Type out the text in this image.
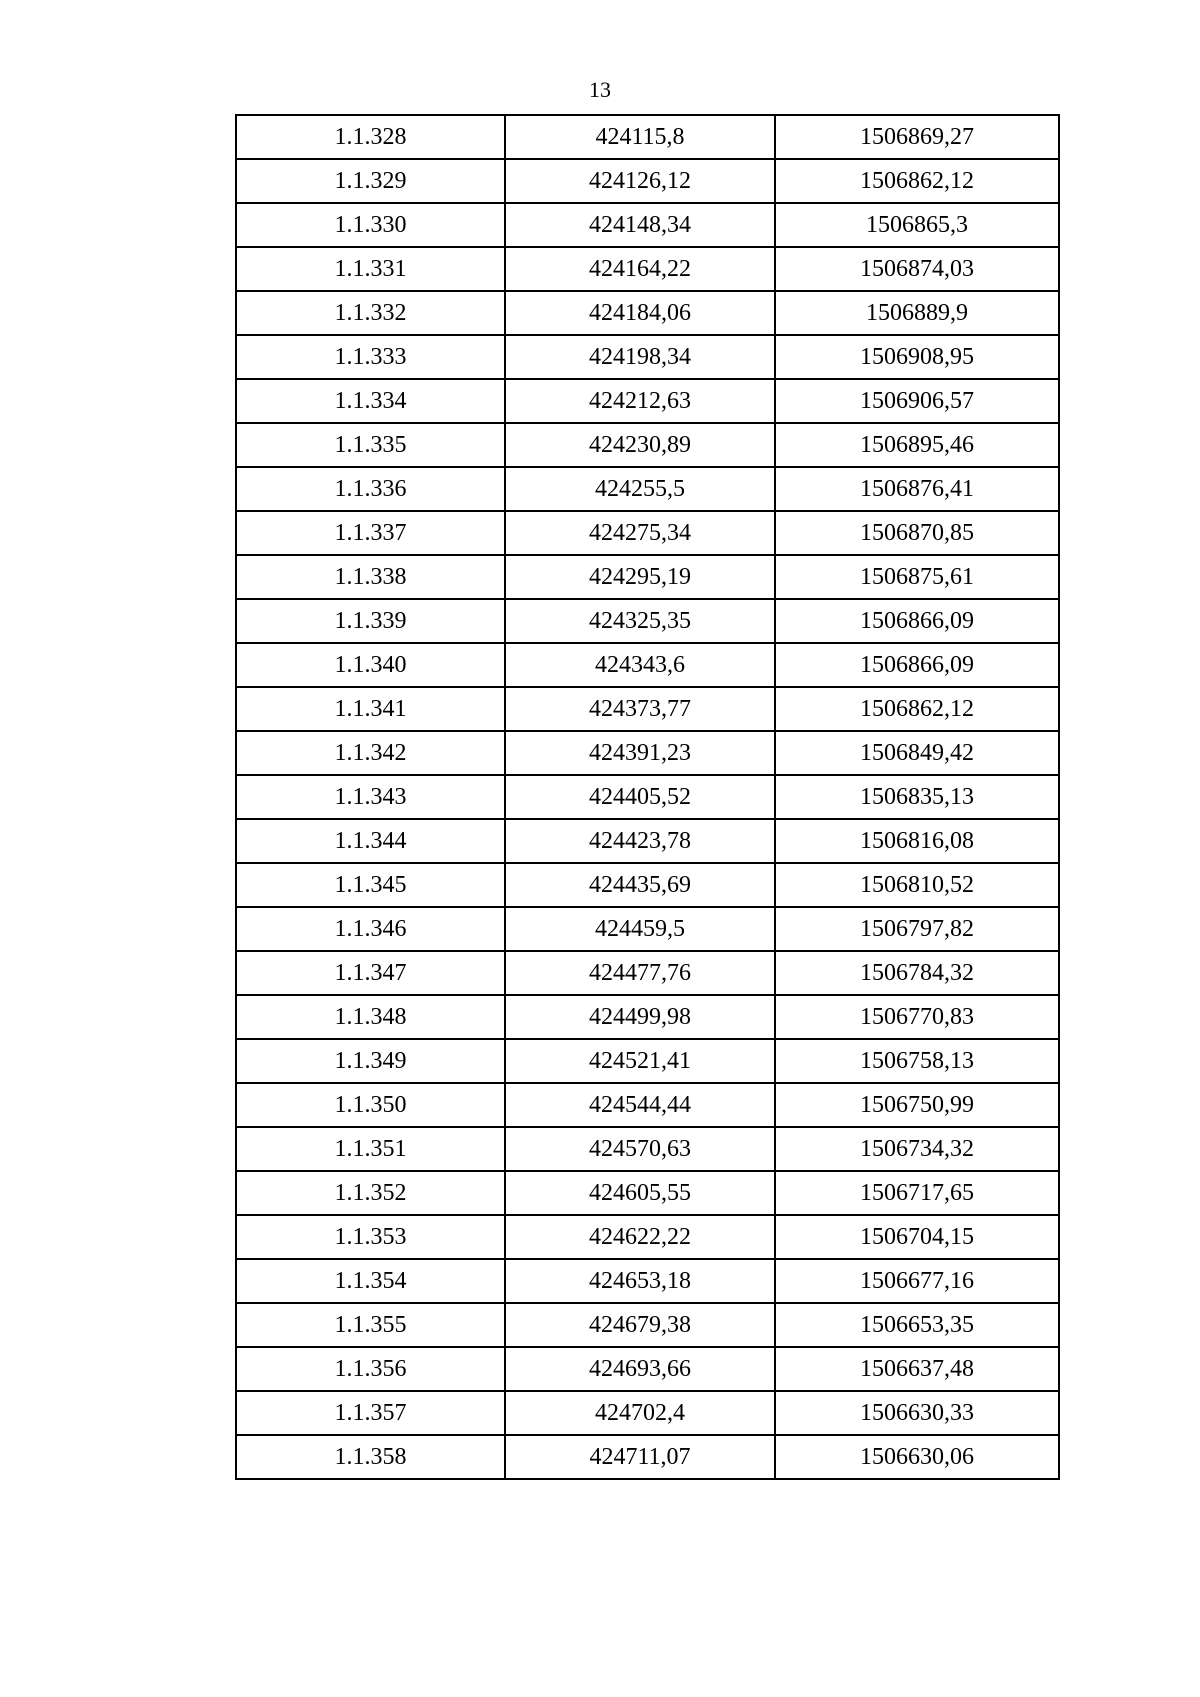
13
1.1.328	424115,8	1506869,27
1.1.329	424126,12	1506862,12
1.1.330	424148,34	1506865,3
1.1.331	424164,22	1506874,03
1.1.332	424184,06	1506889,9
1.1.333	424198,34	1506908,95
1.1.334	424212,63	1506906,57
1.1.335	424230,89	1506895,46
1.1.336	424255,5	1506876,41
1.1.337	424275,34	1506870,85
1.1.338	424295,19	1506875,61
1.1.339	424325,35	1506866,09
1.1.340	424343,6	1506866,09
1.1.341	424373,77	1506862,12
1.1.342	424391,23	1506849,42
1.1.343	424405,52	1506835,13
1.1.344	424423,78	1506816,08
1.1.345	424435,69	1506810,52
1.1.346	424459,5	1506797,82
1.1.347	424477,76	1506784,32
1.1.348	424499,98	1506770,83
1.1.349	424521,41	1506758,13
1.1.350	424544,44	1506750,99
1.1.351	424570,63	1506734,32
1.1.352	424605,55	1506717,65
1.1.353	424622,22	1506704,15
1.1.354	424653,18	1506677,16
1.1.355	424679,38	1506653,35
1.1.356	424693,66	1506637,48
1.1.357	424702,4	1506630,33
1.1.358	424711,07	1506630,06
